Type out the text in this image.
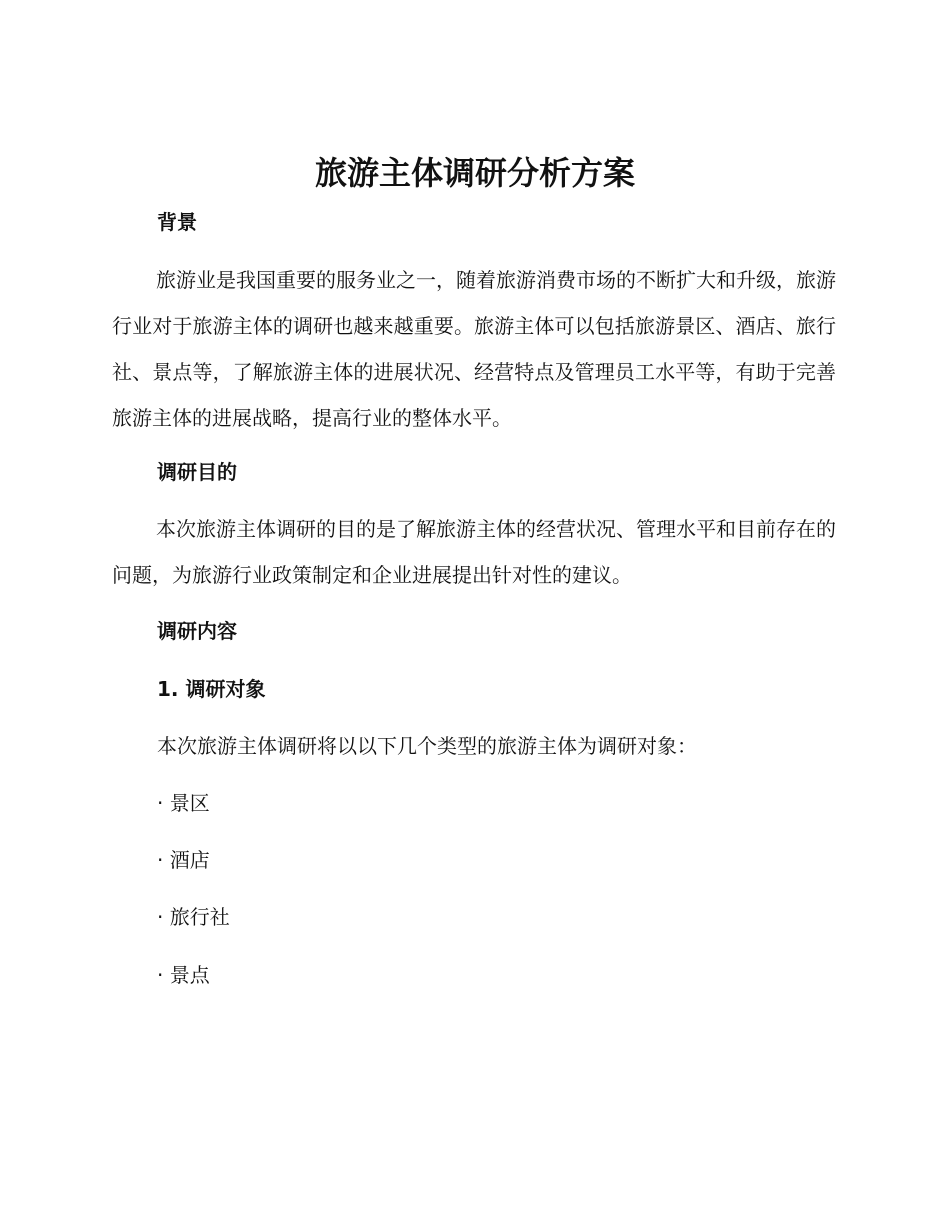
旅游主体调研分析方案
背景

旅游业是我国重要的服务业之一，随着旅游消费市场的不断扩大和升级，旅游行业对于旅游主体的调研也越来越重要。旅游主体可以包括旅游景区、酒店、旅行社、景点等，了解旅游主体的进展状况、经营特点及管理员工水平等，有助于完善旅游主体的进展战略，提高行业的整体水平。

调研目的

本次旅游主体调研的目的是了解旅游主体的经营状况、管理水平和目前存在的问题，为旅游行业政策制定和企业进展提出针对性的建议。

调研内容
1. 调研对象

本次旅游主体调研将以以下几个类型的旅游主体为调研对象：

· 景区

· 酒店

· 旅行社

· 景点
